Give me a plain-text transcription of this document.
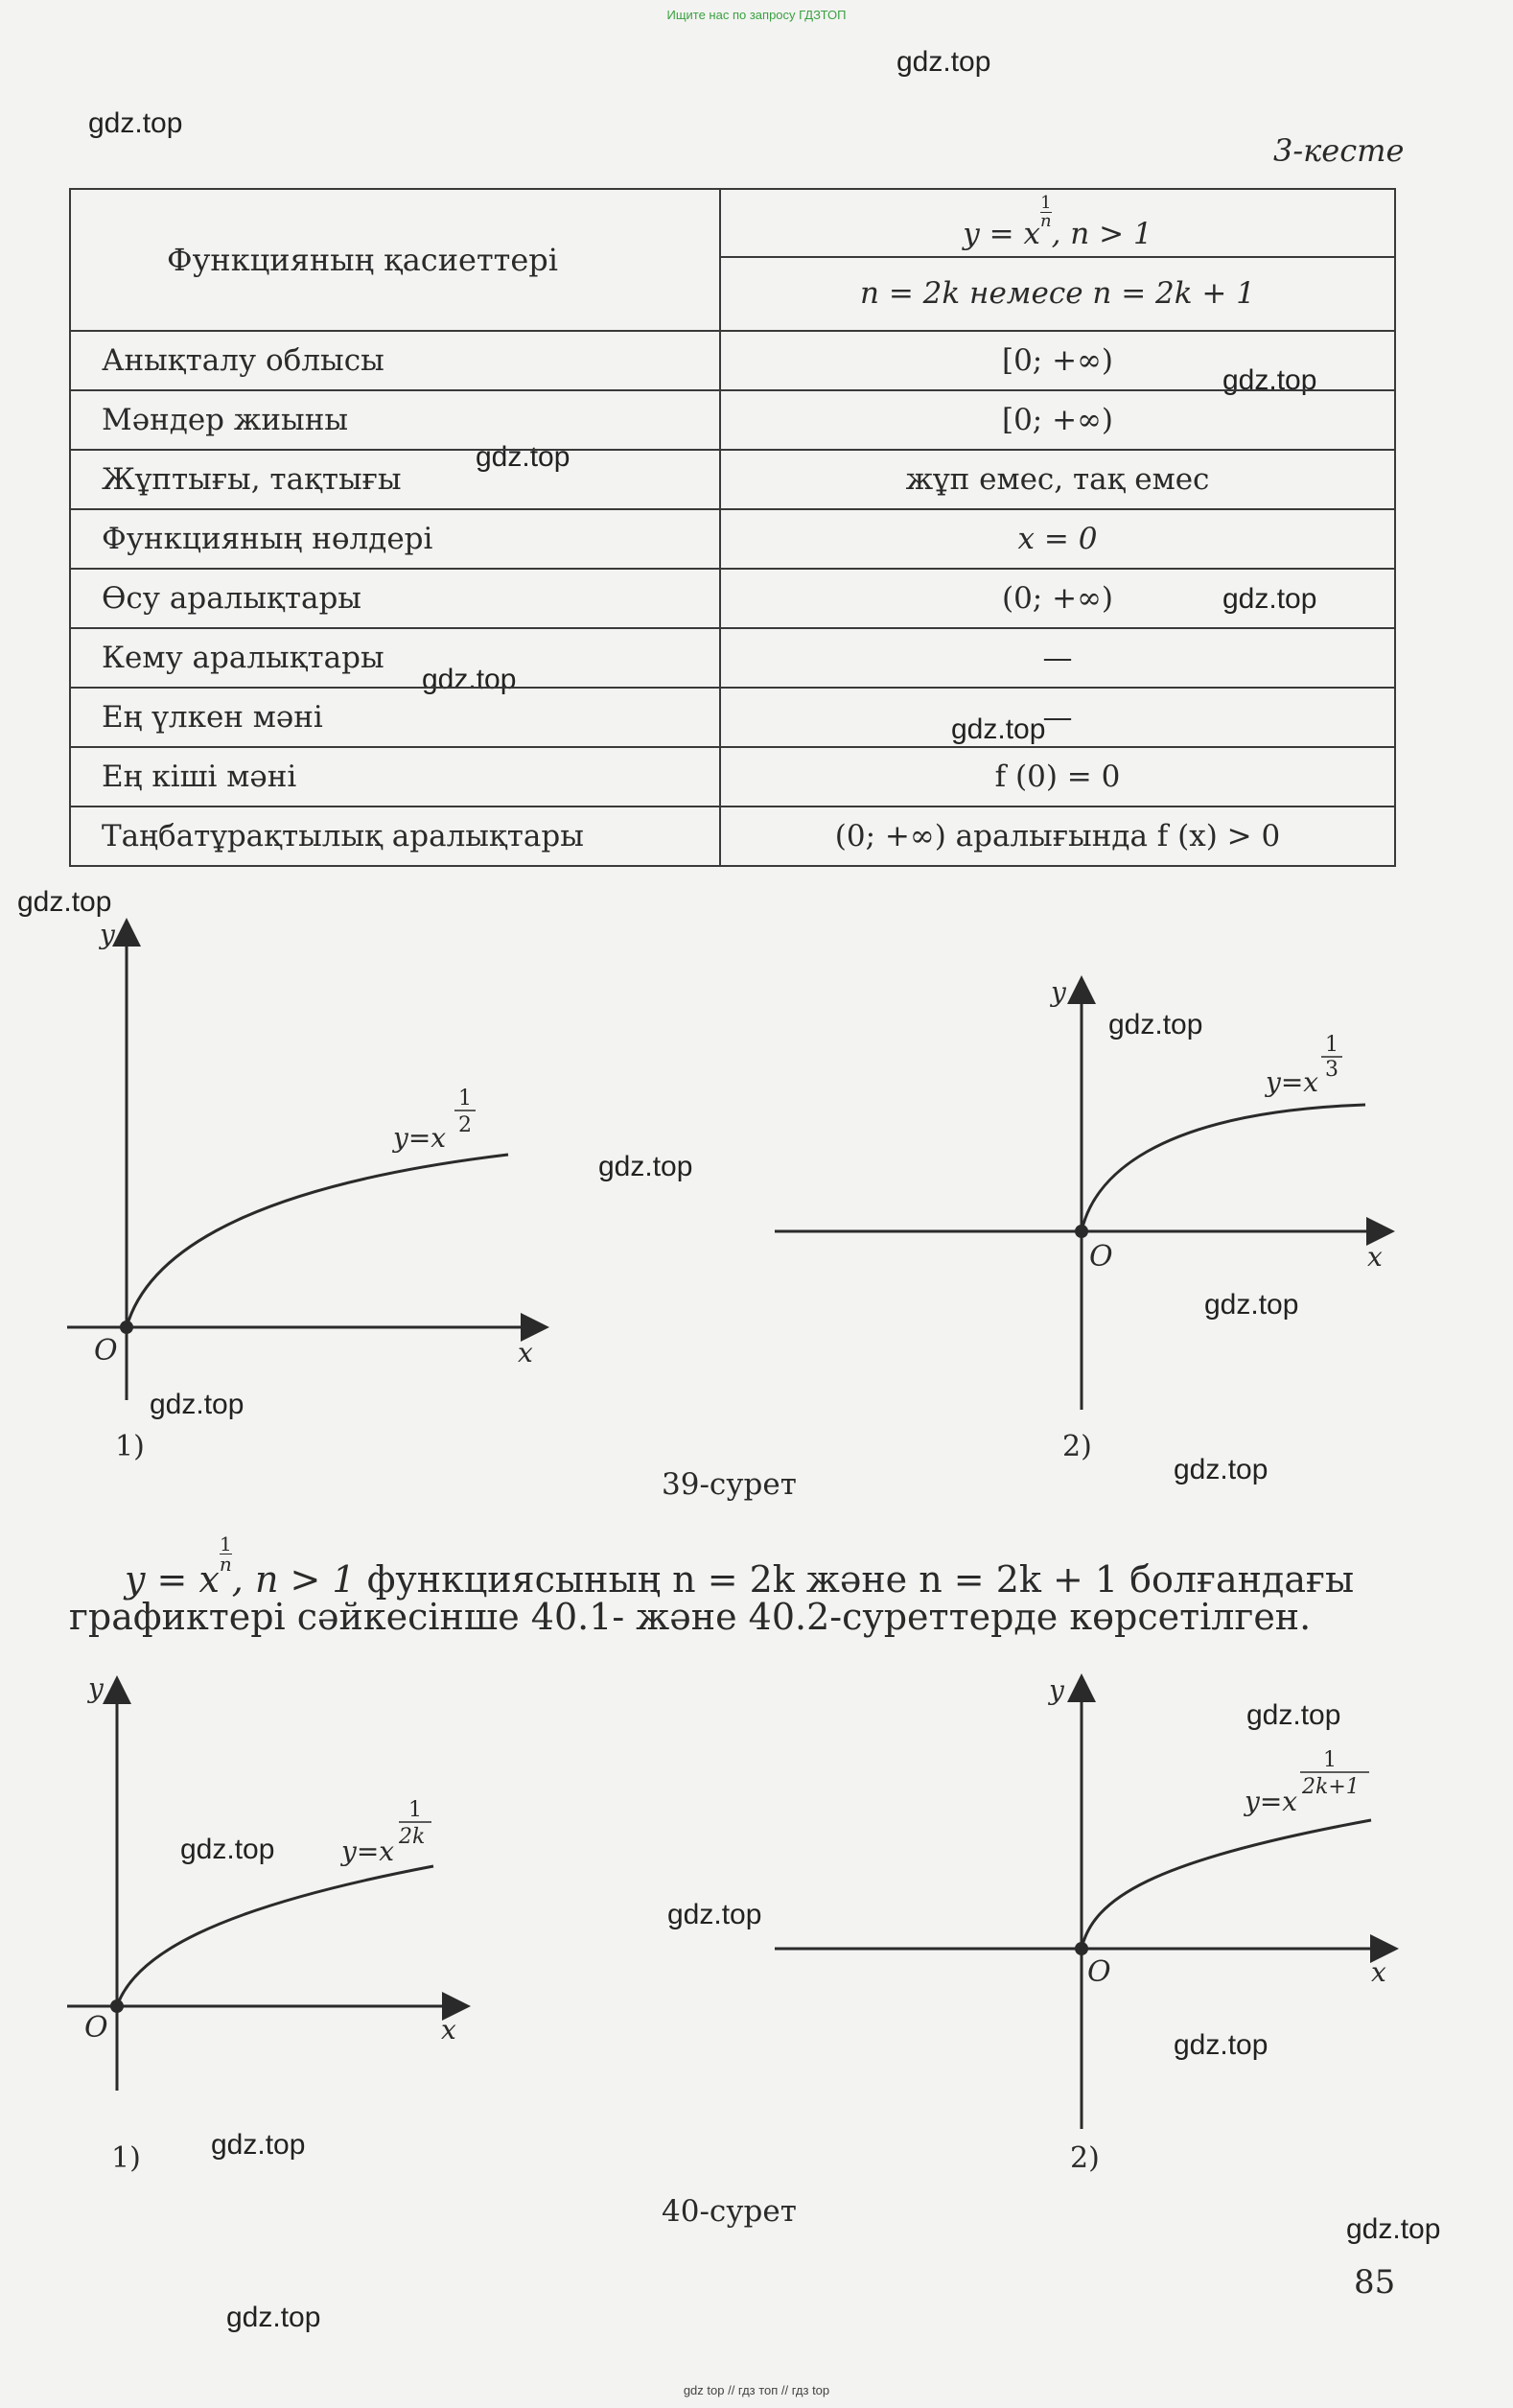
Ищите нас по запросу ГДЗТОП
gdz.top
gdz.top
gdz.top
gdz.top
gdz.top
gdz.top
gdz.top
gdz.top
gdz.top
gdz.top
gdz.top
gdz.top
gdz.top
gdz.top
gdz.top
gdz.top
gdz.top
gdz.top
gdz.top
gdz.top
3-кесте
Функцияның қасиеттері	y = x
$^{\frac{1}{n}}$
, n > 1
	n = 2k немесе n = 2k + 1
Анықталу облысы	[0; +∞)
Мәндер жиыны	[0; +∞)
Жұптығы, тақтығы	жұп емес, тақ емес
Функцияның нөлдері	x = 0
Өсу аралықтары	(0; +∞)
Кему аралықтары	—
Ең үлкен мәні	—
Ең кіші мәні	f (0) = 0
Таңбатұрақтылық аралықтары	(0; +∞) аралығында f (x) > 0
y
x
O
y=x
1
2
1)
y
x
O
y=x
1
3
2)
39-сурет
y = x
$^{\frac{1}{n}}$
, n > 1 функциясының n = 2k және n = 2k + 1 болғандағы
графиктері сәйкесінше 40.1- және 40.2-суреттерде көрсетілген.
y
x
O
y=x
1
2k
1)
y
x
O
y=x
1
2k+1
2)
40-сурет
85
gdz top // гдз топ // гдз top
